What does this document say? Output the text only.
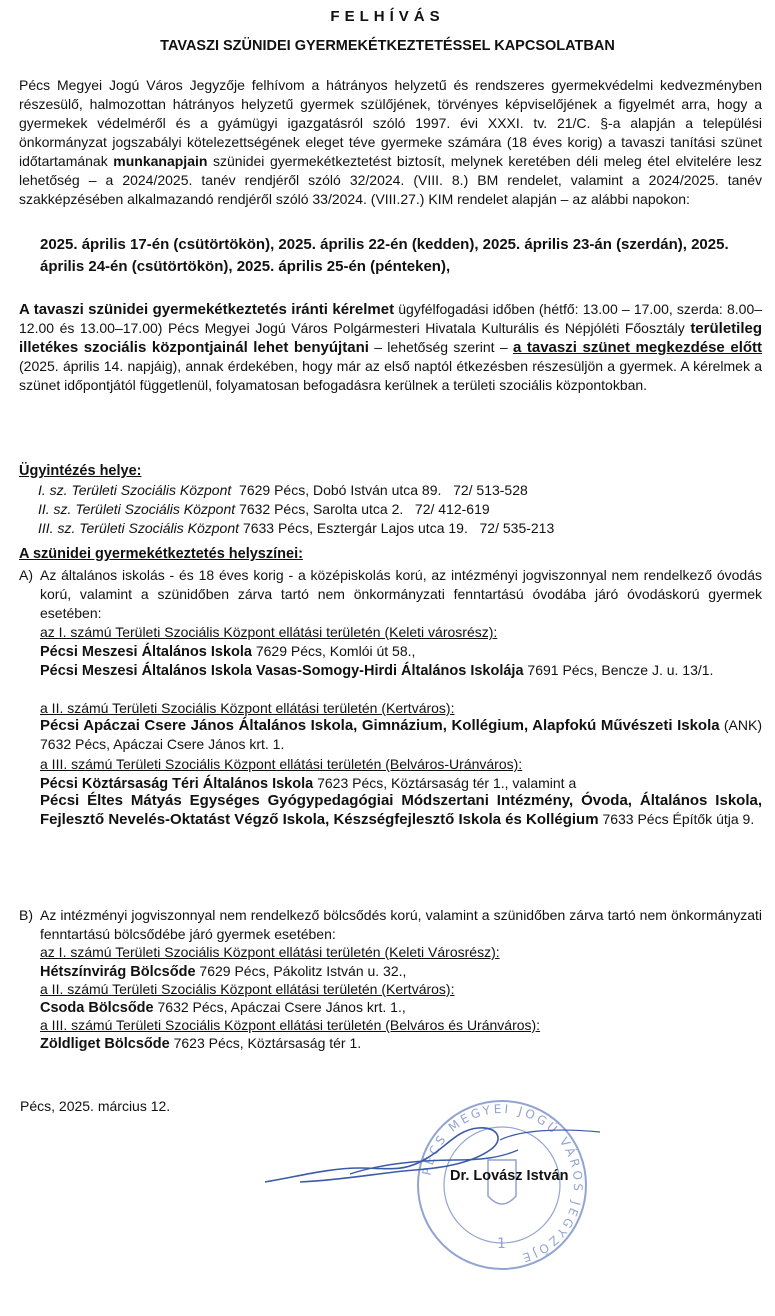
FELHÍVÁS
TAVASZI SZÜNIDEI GYERMEKÉTKEZTETÉSSEL KAPCSOLATBAN
Pécs Megyei Jogú Város Jegyzője felhívom a hátrányos helyzetű és rendszeres gyermekvédelmi kedvezményben részesülő, halmozottan hátrányos helyzetű gyermek szülőjének, törvényes képviselőjének a figyelmét arra, hogy a gyermekek védelméről és a gyámügyi igazgatásról szóló 1997. évi XXXI. tv. 21/C. §-a alapján a települési önkormányzat jogszabályi kötelezettségének eleget téve gyermeke számára (18 éves korig) a tavaszi tanítási szünet időtartamának munkanapjain szünidei gyermekétkeztetést biztosít, melynek keretében déli meleg étel elvitelére lesz lehetőség – a 2024/2025. tanév rendjéről szóló 32/2024. (VIII. 8.) BM rendelet, valamint a 2024/2025. tanév szakképzésében alkalmazandó rendjéről szóló 33/2024. (VIII.27.) KIM rendelet alapján – az alábbi napokon:
2025. április 17-én (csütörtökön), 2025. április 22-én (kedden), 2025. április 23-án (szerdán), 2025. április 24-én (csütörtökön), 2025. április 25-én (pénteken),
A tavaszi szünidei gyermekétkeztetés iránti kérelmet ügyfélfogadási időben (hétfő: 13.00 – 17.00, szerda: 8.00–12.00 és 13.00–17.00) Pécs Megyei Jogú Város Polgármesteri Hivatala Kulturális és Népjóléti Főosztály területileg illetékes szociális központjainál lehet benyújtani – lehetőség szerint – a tavaszi szünet megkezdése előtt (2025. április 14. napjáig), annak érdekében, hogy már az első naptól étkezésben részesüljön a gyermek. A kérelmek a szünet időpontjától függetlenül, folyamatosan befogadásra kerülnek a területi szociális központokban.
Ügyintézés helye:
I. sz. Területi Szociális Központ 7629 Pécs, Dobó István utca 89. 72/ 513-528
II. sz. Területi Szociális Központ 7632 Pécs, Sarolta utca 2. 72/ 412-619
III. sz. Területi Szociális Központ 7633 Pécs, Esztergár Lajos utca 19. 72/ 535-213
A szünidei gyermekétkeztetés helyszínei:
A) Az általános iskolás - és 18 éves korig - a középiskolás korú, az intézményi jogviszonnyal nem rendelkező óvodás korú, valamint a szünidőben zárva tartó nem önkormányzati fenntartású óvodába járó óvodáskorú gyermek esetében:
az I. számú Területi Szociális Központ ellátási területén (Keleti városrész):
Pécsi Meszesi Általános Iskola 7629 Pécs, Komlói út 58.,
Pécsi Meszesi Általános Iskola Vasas-Somogy-Hirdi Általános Iskolája 7691 Pécs, Bencze J. u. 13/1.
a II. számú Területi Szociális Központ ellátási területén (Kertváros):
Pécsi Apáczai Csere János Általános Iskola, Gimnázium, Kollégium, Alapfokú Művészeti Iskola (ANK) 7632 Pécs, Apáczai Csere János krt. 1.
a III. számú Területi Szociális Központ ellátási területén (Belváros-Uránváros):
Pécsi Köztársaság Téri Általános Iskola 7623 Pécs, Köztársaság tér 1., valamint a
Pécsi Éltes Mátyás Egységes Gyógypedagógiai Módszertani Intézmény, Óvoda, Általános Iskola, Fejlesztő Nevelés-Oktatást Végző Iskola, Készségfejlesztő Iskola és Kollégium 7633 Pécs Építők útja 9.
B) Az intézményi jogviszonnyal nem rendelkező bölcsődés korú, valamint a szünidőben zárva tartó nem önkormányzati fenntartású bölcsődébe járó gyermek esetében:
az I. számú Területi Szociális Központ ellátási területén (Keleti Városrész):
Hétszínvirág Bölcsőde 7629 Pécs, Pákolitz István u. 32.,
a II. számú Területi Szociális Központ ellátási területén (Kertváros):
Csoda Bölcsőde 7632 Pécs, Apáczai Csere János krt. 1.,
a III. számú Területi Szociális Központ ellátási területén (Belváros és Uránváros):
Zöldliget Bölcsőde 7623 Pécs, Köztársaság tér 1.
Pécs, 2025. március 12.
PÉCS MEGYEI JOGÚ VÁROS JEGYZŐJE
1
Dr. Lovász István
